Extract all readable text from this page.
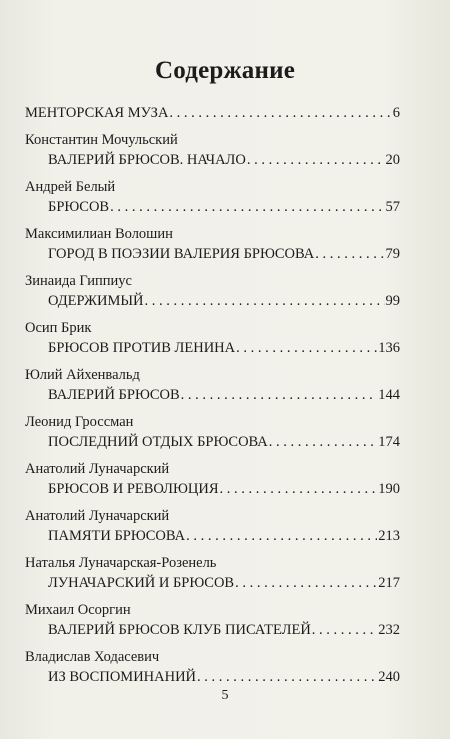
Содержание
МЕНТОРСКАЯ МУЗА . . .	6
Константин Мочульский
ВАЛЕРИЙ БРЮСОВ. НАЧАЛО . . .	20
Андрей Белый
БРЮСОВ . . .	57
Максимилиан Волошин
ГОРОД В ПОЭЗИИ ВАЛЕРИЯ БРЮСОВА . . .	79
Зинаида Гиппиус
ОДЕРЖИМЫЙ . . .	99
Осип Брик
БРЮСОВ ПРОТИВ ЛЕНИНА . . .	136
Юлий Айхенвальд
ВАЛЕРИЙ БРЮСОВ . . .	144
Леонид Гроссман
ПОСЛЕДНИЙ ОТДЫХ БРЮСОВА . . .	174
Анатолий Луначарский
БРЮСОВ И РЕВОЛЮЦИЯ . . .	190
Анатолий Луначарский
ПАМЯТИ БРЮСОВА . . .	213
Наталья Луначарская-Розенель
ЛУНАЧАРСКИЙ И БРЮСОВ . . .	217
Михаил Осоргин
ВАЛЕРИЙ БРЮСОВ КЛУБ ПИСАТЕЛЕЙ . . .	232
Владислав Ходасевич
ИЗ ВОСПОМИНАНИЙ . . .	240
5
